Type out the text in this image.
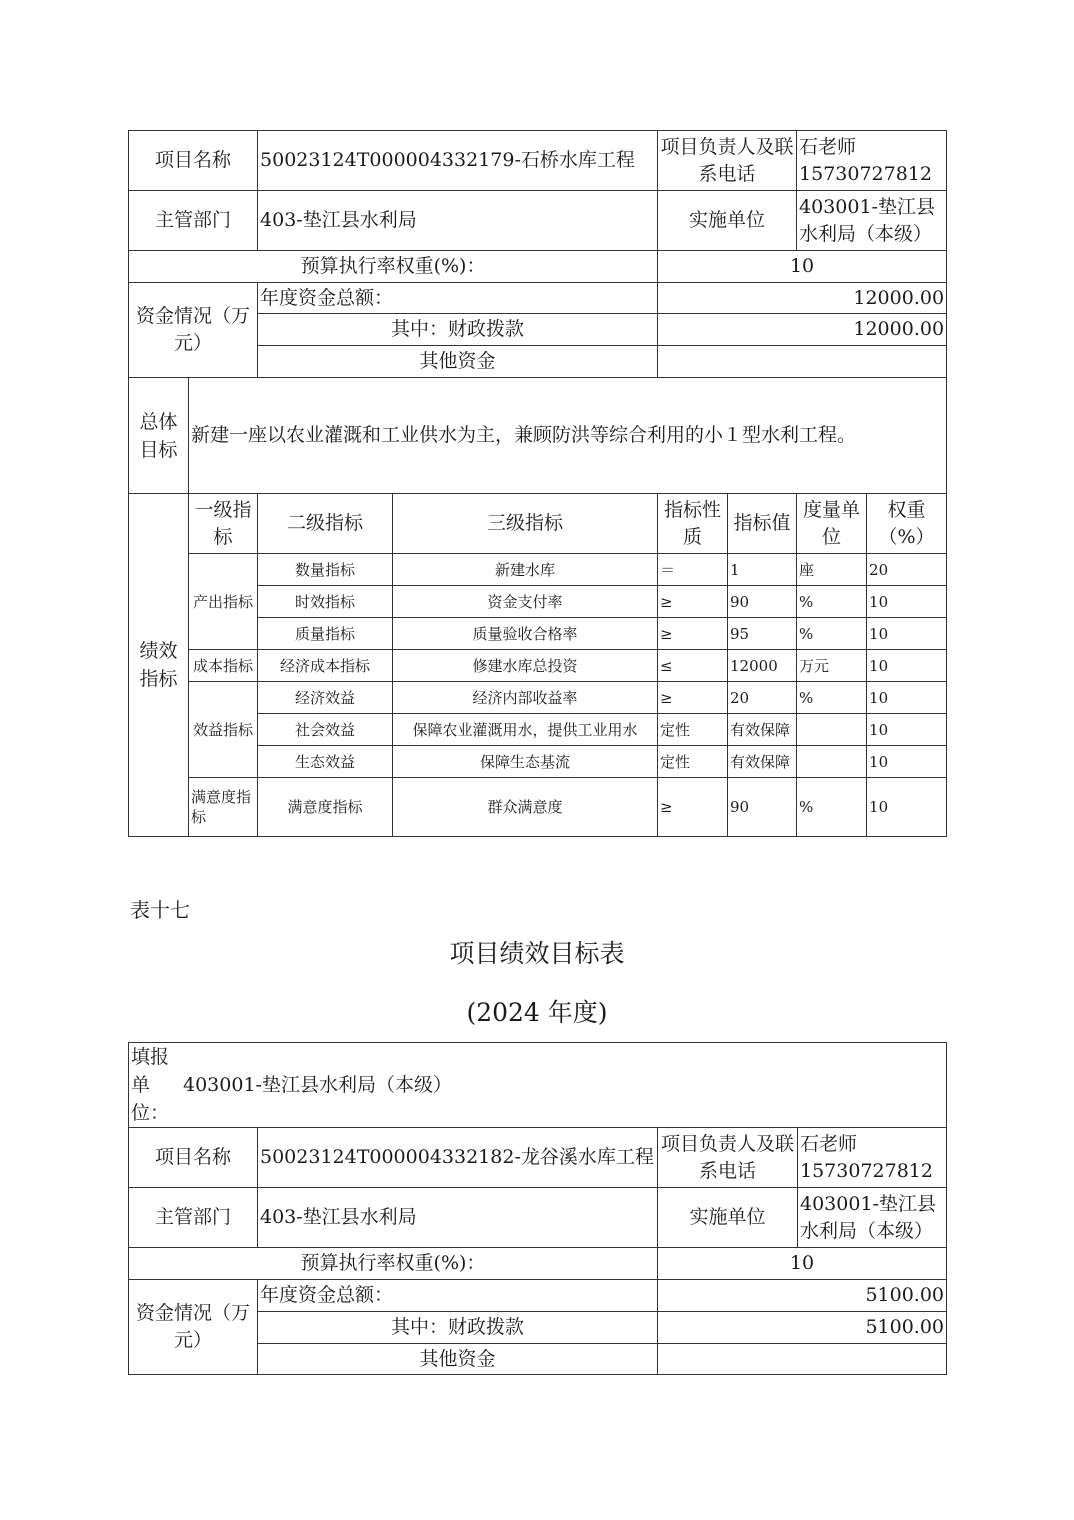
项目名称		50023124T000004332179-石桥水库工程		项目负责人及联系电话		石老师
15730727812	

主管部门		403-垫江县水利局		实施单位		403001-垫江县水利局（本级）	
预算执行率权重(%)：				10			
资金情况（万元）		年度资金总额：		12000.00			
		其中：财政拨款		12000.00			
		其他资金					
总体目标	新建一座以农业灌溉和工业供水为主，兼顾防洪等综合利用的小１型水利工程。						
绩效指标	一级指标	二级指标	三级指标	指标性质	指标值	度量单位	权重（%）
	产出指标	数量指标	新建水库	＝	1	座	20
		时效指标	资金支付率	≥	90	%	10
		质量指标	质量验收合格率	≥	95	%	10
	成本指标	经济成本指标	修建水库总投资	≤	12000	万元	10
	效益指标	经济效益	经济内部收益率	≥	20	%	10
		社会效益	保障农业灌溉用水，提供工业用水	定性	有效保障		10
		生态效益	保障生态基流	定性	有效保障		10
	满意度指标	满意度指标	群众满意度	≥	90	%	10
表十七
项目绩效目标表
(2024 年度)
填报单位：
403001-垫江县水利局（本级）			

项目名称	50023124T000004332182-龙谷溪水库工程	项目负责人及联系电话	石老师
15730727812

主管部门	403-垫江县水利局	实施单位	403001-垫江县水利局（本级）
预算执行率权重(%)：		10	
资金情况（万元）	年度资金总额：	5100.00	
	其中：财政拨款	5100.00	
	其他资金		
